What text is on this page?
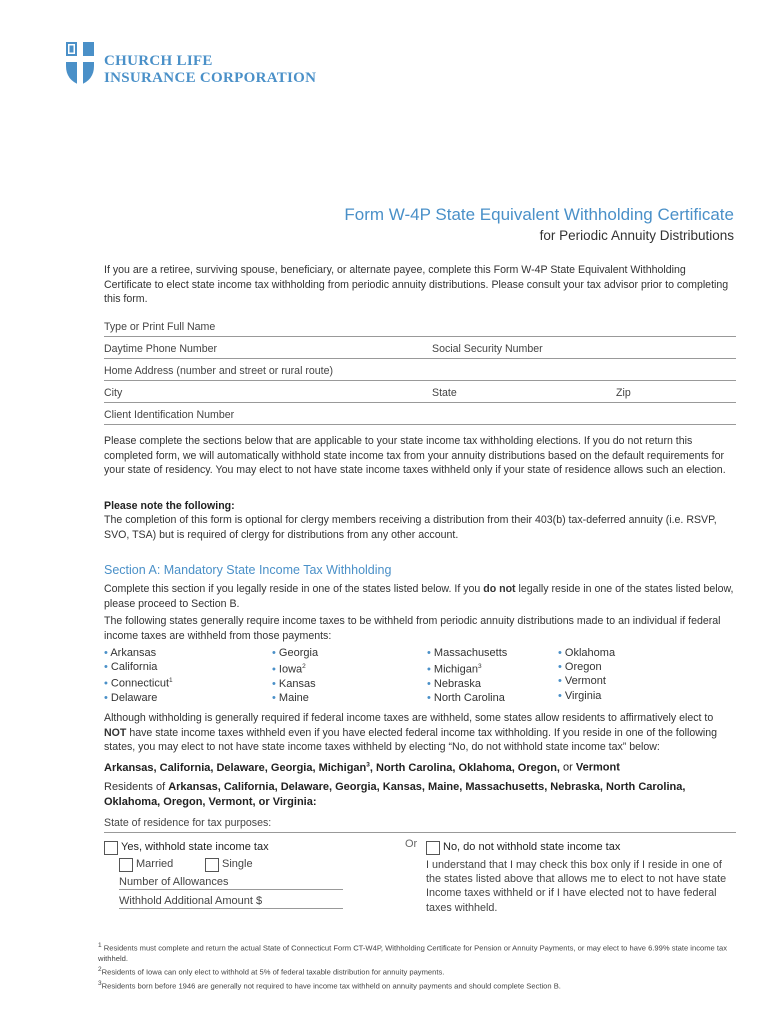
CHURCH LIFE
INSURANCE CORPORATION
Form W-4P State Equivalent Withholding Certificate
for Periodic Annuity Distributions
If you are a retiree, surviving spouse, beneficiary, or alternate payee, complete this Form W-4P State Equivalent Withholding Certificate to elect state income tax withholding from periodic annuity distributions. Please consult your tax advisor prior to completing this form.
Type or Print Full Name
Daytime Phone Number	Social Security Number
Home Address (number and street or rural route)
City	State	Zip
Client Identification Number
Please complete the sections below that are applicable to your state income tax withholding elections. If you do not return this completed form, we will automatically withhold state income tax from your annuity distributions based on the default requirements for your state of residency. You may elect to not have state income taxes withheld only if your state of residence allows such an election.
Please note the following:
The completion of this form is optional for clergy members receiving a distribution from their 403(b) tax-deferred annuity (i.e. RSVP, SVO, TSA) but is required of clergy for distributions from any other account.
Section A: Mandatory State Income Tax Withholding
Complete this section if you legally reside in one of the states listed below. If you do not legally reside in one of the states listed below, please proceed to Section B.
The following states generally require income taxes to be withheld from periodic annuity distributions made to an individual if federal income taxes are withheld from those payments:
• Arkansas
• California
• Connecticut$^1$
• Delaware
• Georgia
• Iowa$^2$
• Kansas
• Maine
• Massachusetts
• Michigan$^3$
• Nebraska
• North Carolina
• Oklahoma
• Oregon
• Vermont
• Virginia
Although withholding is generally required if federal income taxes are withheld, some states allow residents to affirmatively elect to NOT have state income taxes withheld even if you have elected federal income tax withholding. If you reside in one of the following states, you may elect to not have state income taxes withheld by electing “No, do not withhold state income tax” below:
Arkansas, California, Delaware, Georgia, Michigan$^3$, North Carolina, Oklahoma, Oregon, or Vermont
Residents of Arkansas, California, Delaware, Georgia, Kansas, Maine, Massachusetts, Nebraska, North Carolina, Oklahoma, Oregon, Vermont, or Virginia:
State of residence for tax purposes:
Yes, withhold state income tax
Married	Single
Number of Allowances
Withhold Additional Amount $
Or No, do not withhold state income tax
I understand that I may check this box only if I reside in one of the states listed above that allows me to elect to not have state Income taxes withheld or if I have elected not to have federal taxes withheld.
$^1$ Residents must complete and return the actual State of Connecticut Form CT-W4P, Withholding Certificate for Pension or Annuity Payments, or may elect to have 6.99% state income tax withheld.
$^2$Residents of Iowa can only elect to withhold at 5% of federal taxable distribution for annuity payments.
$^3$Residents born before 1946 are generally not required to have income tax withheld on annuity payments and should complete Section B.
